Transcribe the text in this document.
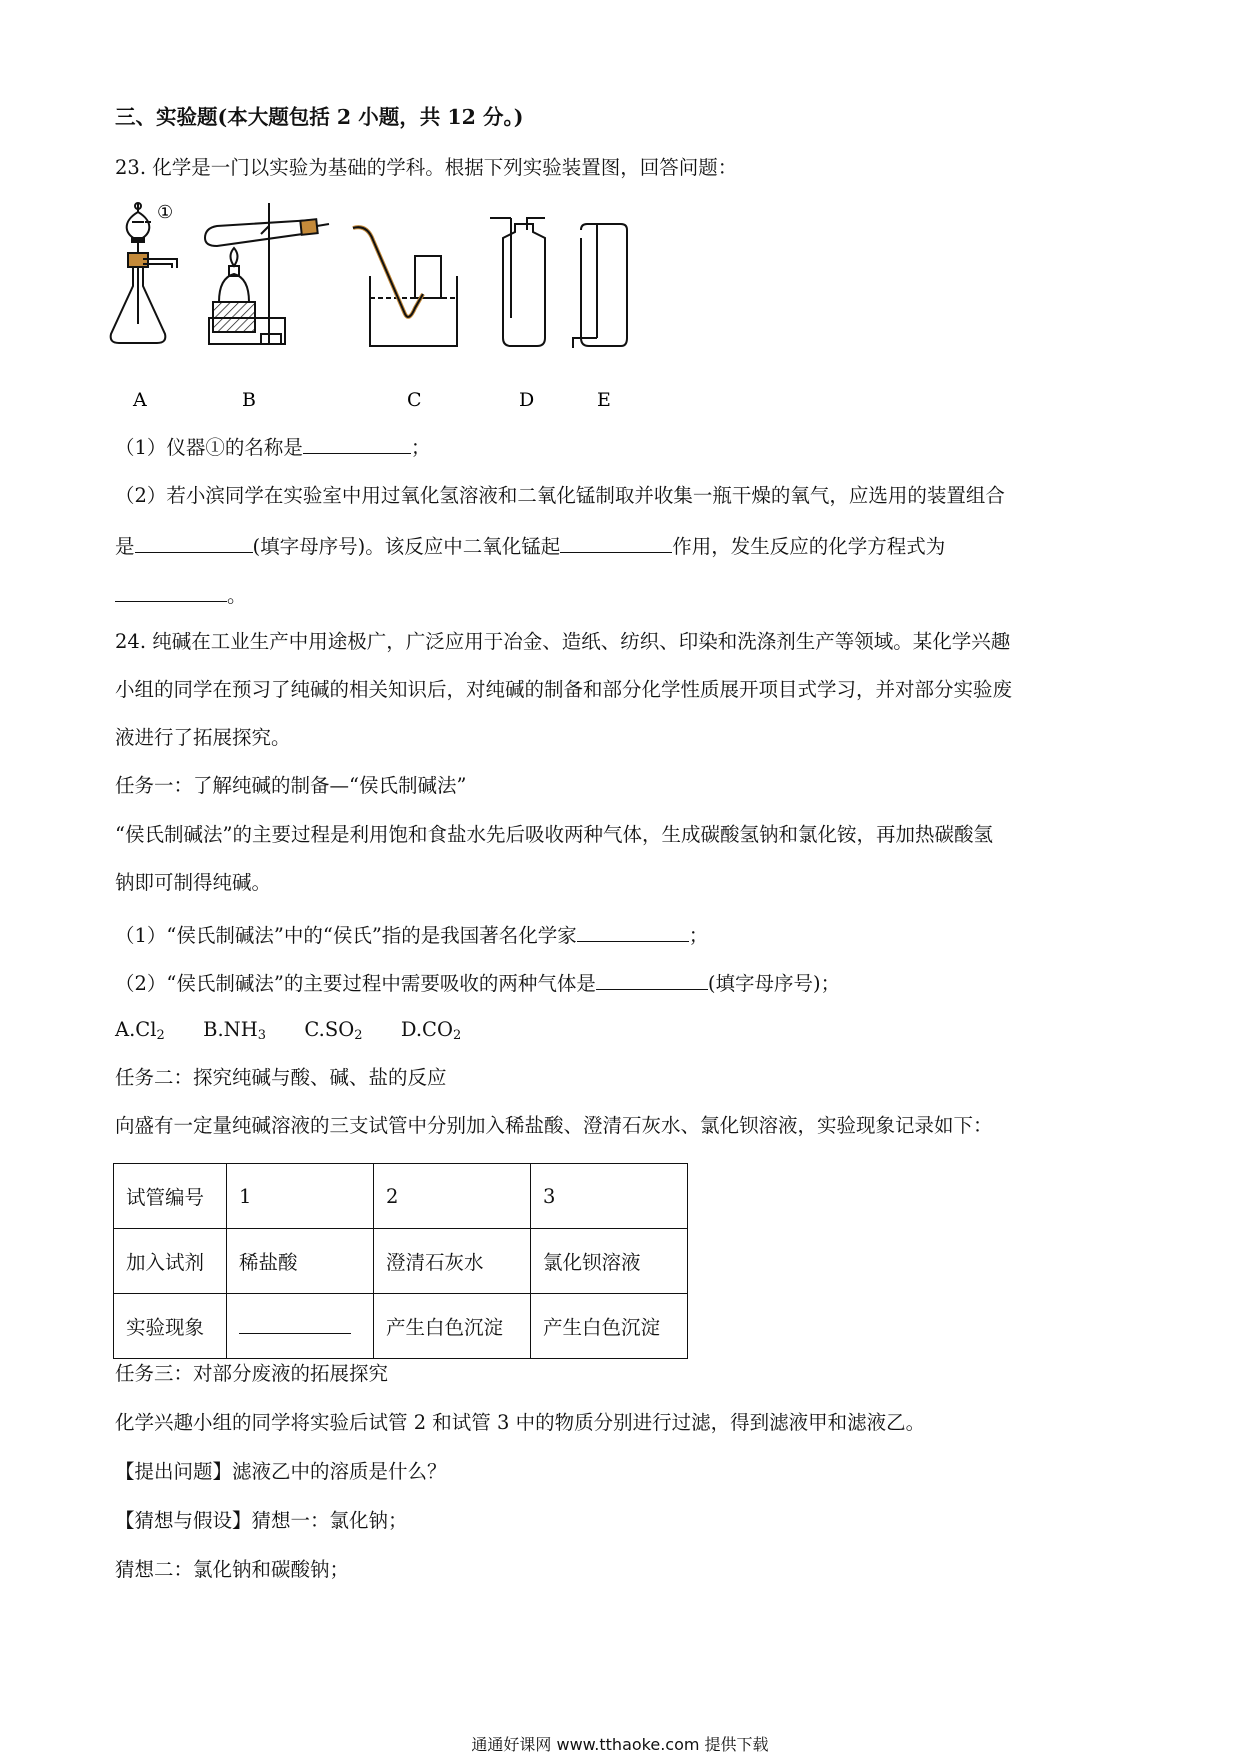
三、实验题(本大题包括 2 小题，共 12 分。)
23. 化学是一门以实验为基础的学科。根据下列实验装置图，回答问题：
①
A	B	C	D	E
（1）仪器①的名称是	；
（2）若小滨同学在实验室中用过氧化氢溶液和二氧化锰制取并收集一瓶干燥的氧气，应选用的装置组合
是	(填字母序号)。该反应中二氧化锰起	作用，发生反应的化学方程式为
。
24. 纯碱在工业生产中用途极广，广泛应用于冶金、造纸、纺织、印染和洗涤剂生产等领域。某化学兴趣
小组的同学在预习了纯碱的相关知识后，对纯碱的制备和部分化学性质展开项目式学习，并对部分实验废
液进行了拓展探究。
任务一：了解纯碱的制备—“侯氏制碱法”
“侯氏制碱法”的主要过程是利用饱和食盐水先后吸收两种气体，生成碳酸氢钠和氯化铵，再加热碳酸氢
钠即可制得纯碱。
（1）“侯氏制碱法”中的“侯氏”指的是我国著名化学家	；
（2）“侯氏制碱法”的主要过程中需要吸收的两种气体是	(填字母序号)；
$A.Cl_2$ $B.NH_3$ $C.SO_2$ $D.CO_2$
任务二：探究纯碱与酸、碱、盐的反应
向盛有一定量纯碱溶液的三支试管中分别加入稀盐酸、澄清石灰水、氯化钡溶液，实验现象记录如下：
试管编号	1	2	3
加入试剂	稀盐酸	澄清石灰水	氯化钡溶液
实验现象		产生白色沉淀	产生白色沉淀
任务三：对部分废液的拓展探究
化学兴趣小组的同学将实验后试管 2 和试管 3 中的物质分别进行过滤，得到滤液甲和滤液乙。
【提出问题】滤液乙中的溶质是什么？
【猜想与假设】猜想一：氯化钠；
猜想二：氯化钠和碳酸钠；
通通好课网 www.tthaoke.com 提供下载
